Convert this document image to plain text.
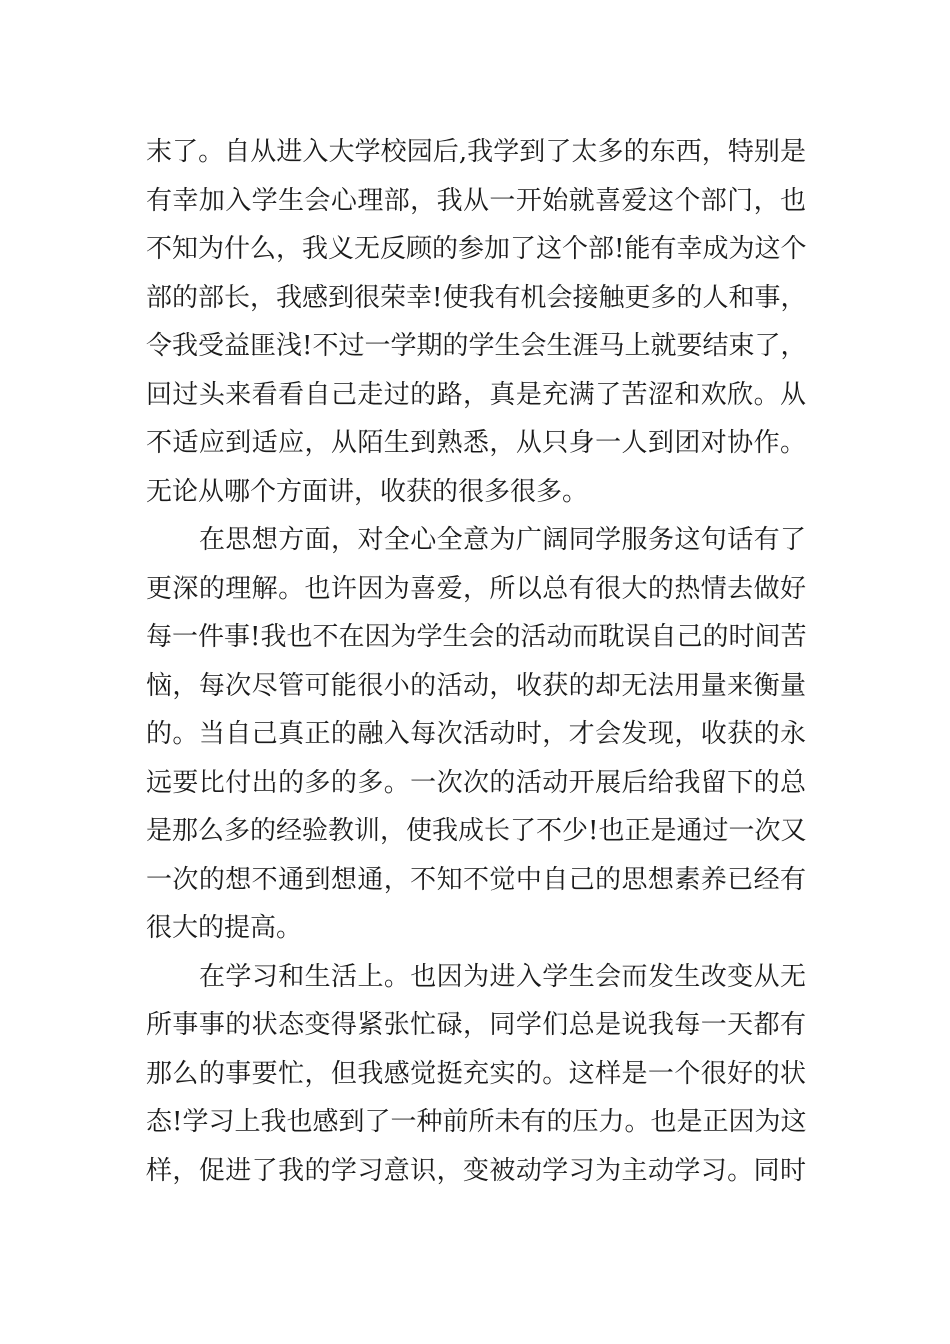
末了。自从进入大学校园后,我学到了太多的东西，特别是
有幸加入学生会心理部，我从一开始就喜爱这个部门，也
不知为什么，我义无反顾的参加了这个部!能有幸成为这个
部的部长，我感到很荣幸!使我有机会接触更多的人和事，
令我受益匪浅!不过一学期的学生会生涯马上就要结束了，
回过头来看看自己走过的路，真是充满了苦涩和欢欣。从
不适应到适应，从陌生到熟悉，从只身一人到团对协作。
无论从哪个方面讲，收获的很多很多。
在思想方面，对全心全意为广阔同学服务这句话有了
更深的理解。也许因为喜爱，所以总有很大的热情去做好
每一件事!我也不在因为学生会的活动而耽误自己的时间苦
恼，每次尽管可能很小的活动，收获的却无法用量来衡量
的。当自己真正的融入每次活动时，才会发现，收获的永
远要比付出的多的多。一次次的活动开展后给我留下的总
是那么多的经验教训，使我成长了不少!也正是通过一次又
一次的想不通到想通，不知不觉中自己的思想素养已经有
很大的提高。
在学习和生活上。也因为进入学生会而发生改变从无
所事事的状态变得紧张忙碌，同学们总是说我每一天都有
那么的事要忙，但我感觉挺充实的。这样是一个很好的状
态!学习上我也感到了一种前所未有的压力。也是正因为这
样，促进了我的学习意识，变被动学习为主动学习。同时
